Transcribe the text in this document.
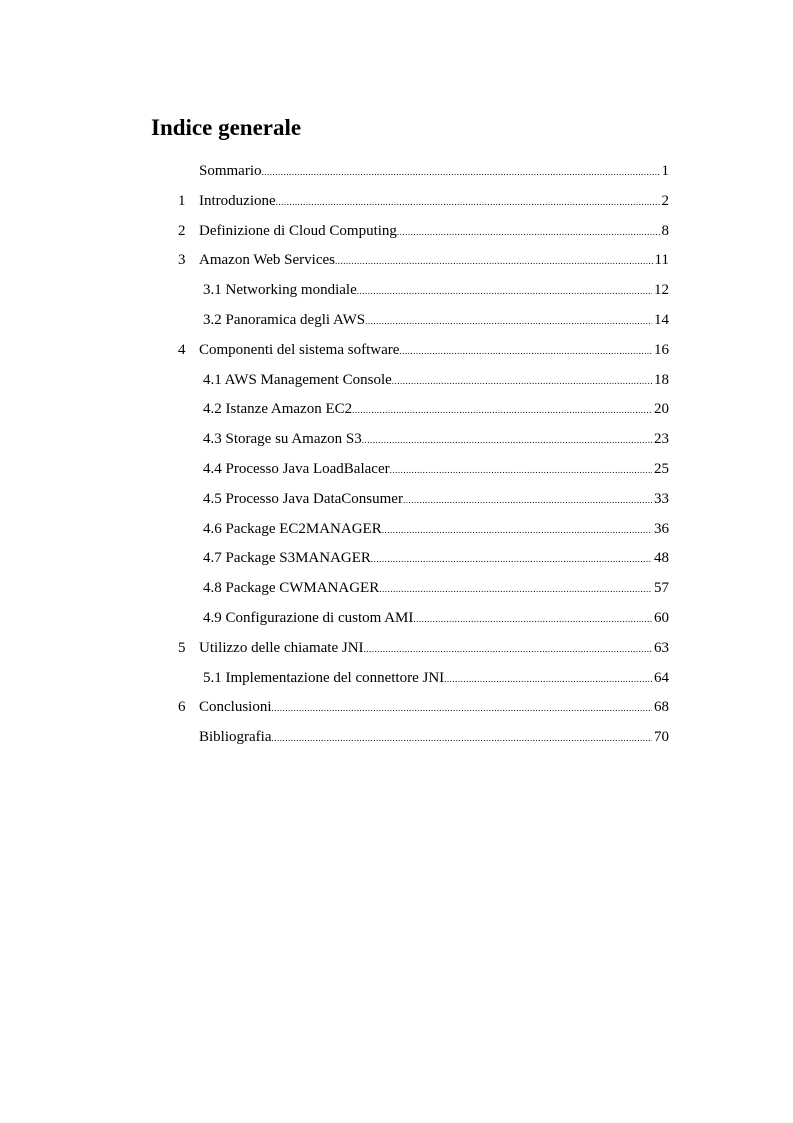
Indice generale
Sommario .....	1
1 Introduzione .....	2
2 Definizione di Cloud Computing .....	8
3 Amazon Web Services .....	11
3.1 Networking mondiale .....	12
3.2 Panoramica degli AWS .....	14
4 Componenti del sistema software .....	16
4.1 AWS Management Console .....	18
4.2 Istanze Amazon EC2 .....	20
4.3 Storage su Amazon S3 .....	23
4.4 Processo Java LoadBalacer .....	25
4.5 Processo Java DataConsumer .....	33
4.6 Package EC2MANAGER .....	36
4.7 Package S3MANAGER .....	48
4.8 Package CWMANAGER .....	57
4.9 Configurazione di custom AMI .....	60
5 Utilizzo delle chiamate JNI .....	63
5.1 Implementazione del connettore JNI .....	64
6 Conclusioni .....	68
Bibliografia .....	70
